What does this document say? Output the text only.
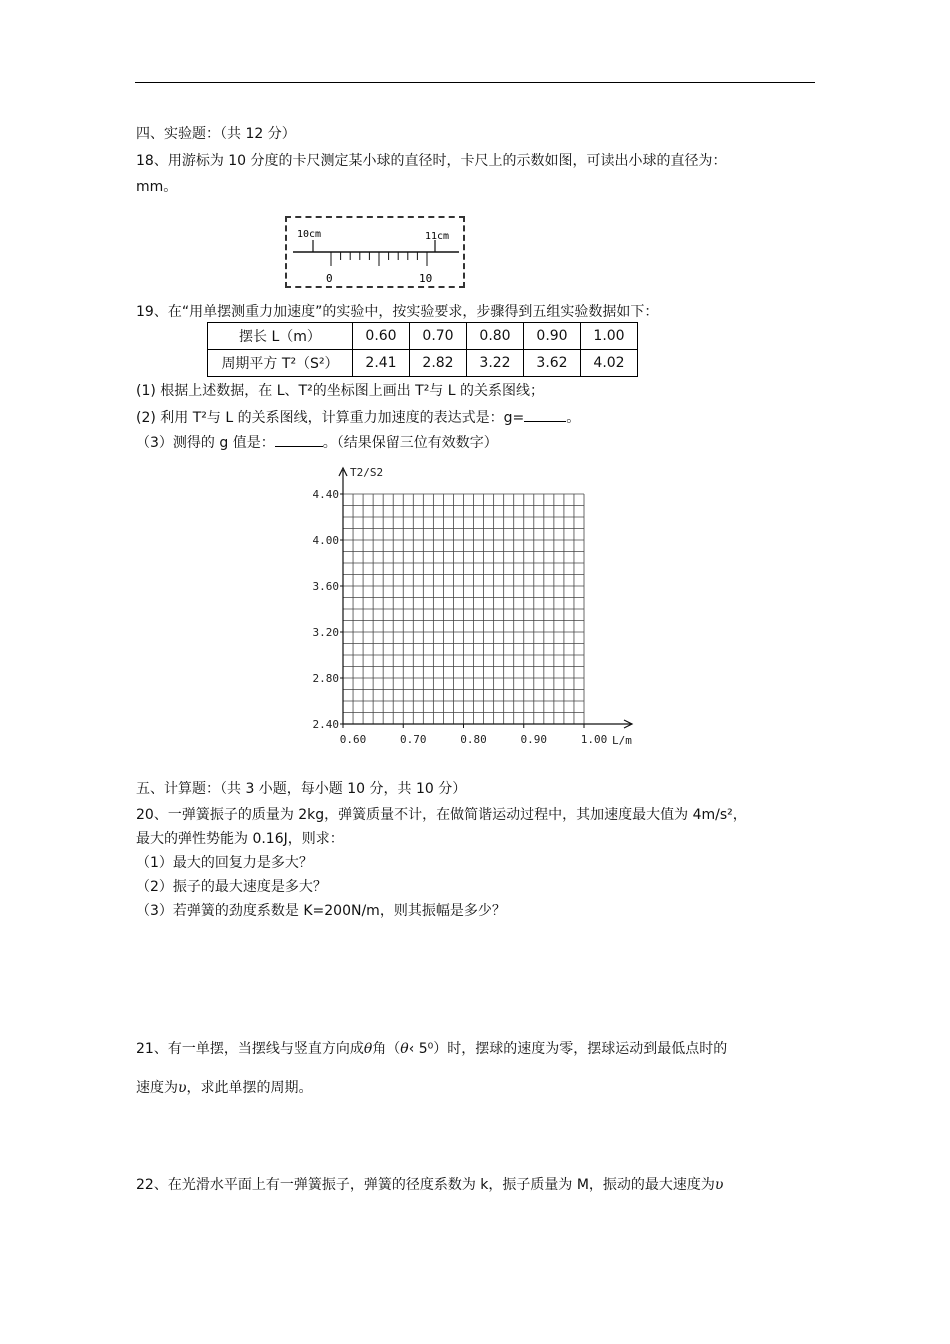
四、实验题：（共 12 分）
18、用游标为 10 分度的卡尺测定某小球的直径时，卡尺上的示数如图，可读出小球的直径为：
mm。
10cm	11cm
0	10
19、在“用单摆测重力加速度”的实验中，按实验要求，步骤得到五组实验数据如下：
摆长 L（m）	0.60	0.70	0.80	0.90	1.00
周期平方 T²（S²）	2.41	2.82	3.22	3.62	4.02
(1) 根据上述数据，在 L、T²的坐标图上画出 T²与 L 的关系图线；
(2) 利用 T²与 L 的关系图线，计算重力加速度的表达式是：g=	。
（3）测得的 g 值是：	。（结果保留三位有效数字）
4.40
4.00
3.60
3.20
2.80
2.40
0.60	0.70	0.80	0.90	1.00
T2/S2
L/m
五、计算题：（共 3 小题，每小题 10 分，共 10 分）
20、一弹簧振子的质量为 2kg，弹簧质量不计，在做简谐运动过程中，其加速度最大值为 4m/s²，
最大的弹性势能为 0.16J，则求：
（1）最大的回复力是多大？
（2）振子的最大速度是多大？
（3）若弹簧的劲度系数是 K=200N/m，则其振幅是多少？
21、有一单摆，当摆线与竖直方向成θ角（θ‹ 5⁰）时，摆球的速度为零，摆球运动到最低点时的
速度为υ，求此单摆的周期。
22、在光滑水平面上有一弹簧振子，弹簧的径度系数为 k，振子质量为 M，振动的最大速度为υ
